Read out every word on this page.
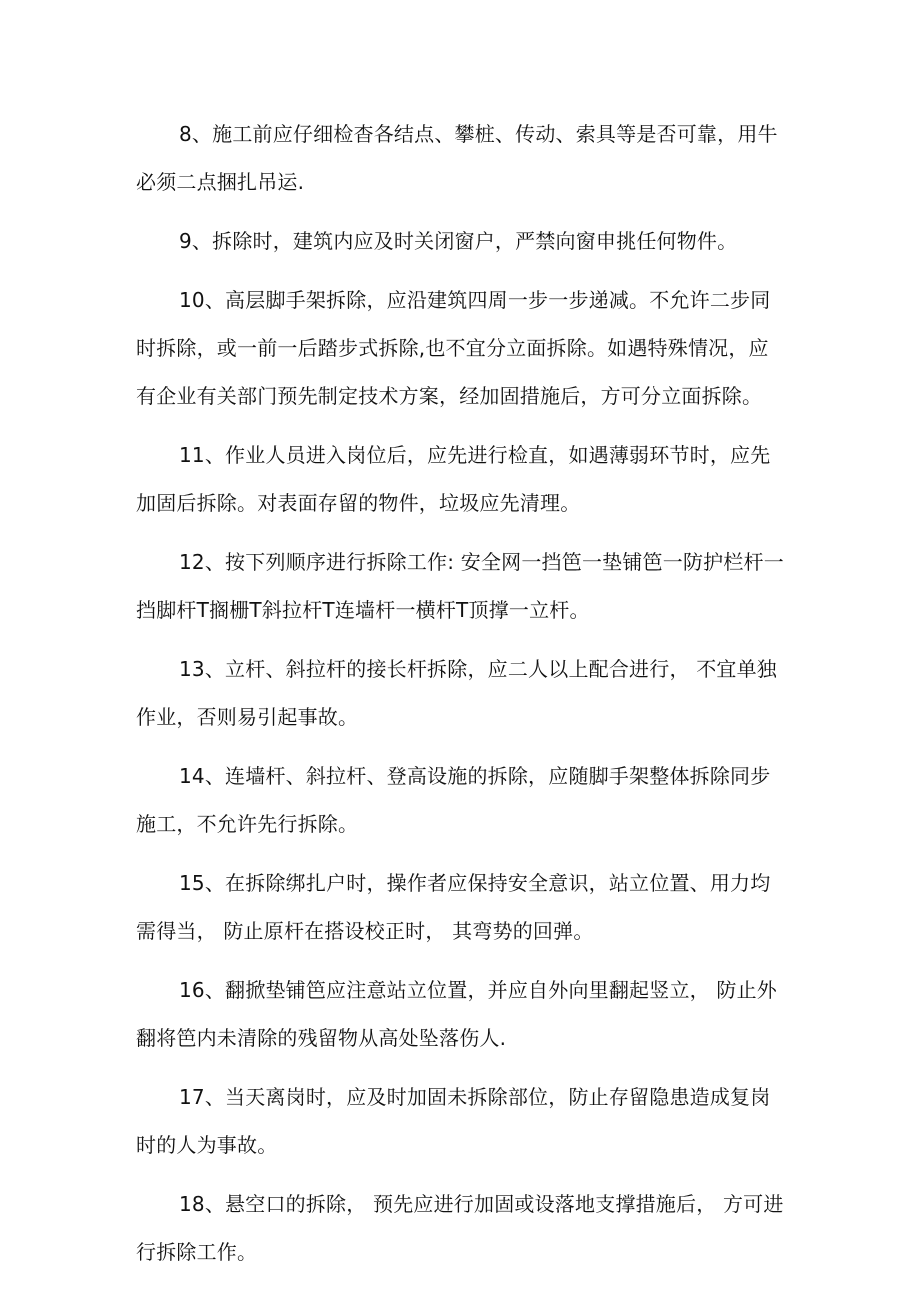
8、施工前应仔细检杳各结点、攀桩、传动、索具等是否可靠，用牛必须二点捆扎吊运.

9、拆除时，建筑内应及时关闭窗户，严禁向窗申挑任何物件。

10、高层脚手架拆除，应沿建筑四周一步一步递减。不允许二步同时拆除，或一前一后踏步式拆除,也不宜分立面拆除。如遇特殊情况，应有企业有关部门预先制定技术方案，经加固措施后，方可分立面拆除。

11、作业人员进入岗位后，应先进行检直，如遇薄弱环节时，应先加固后拆除。对表面存留的物件，垃圾应先清理。

12、按下列顺序进行拆除工作: 安全网一挡笆一垫铺笆一防护栏杆一挡脚杆T搁栅T斜拉杆T连墙杆一横杆T顶撑一立杆。

13、立杆、斜拉杆的接长杆拆除，应二人以上配合进行， 不宜单独作业，否则易引起事故。

14、连墙杆、斜拉杆、登高设施的拆除，应随脚手架整体拆除同步施工，不允许先行拆除。

15、在拆除绑扎户时，操作者应保持安全意识，站立位置、用力均需得当， 防止原杆在搭设校正时， 其弯势的回弹。

16、翻掀垫铺笆应注意站立位置，并应自外向里翻起竖立， 防止外翻将笆内未清除的残留物从高处坠落伤人.

17、当天离岗时，应及时加固未拆除部位，防止存留隐患造成复岗时的人为事故。

18、悬空口的拆除， 预先应进行加固或设落地支撑措施后， 方可进行拆除工作。
